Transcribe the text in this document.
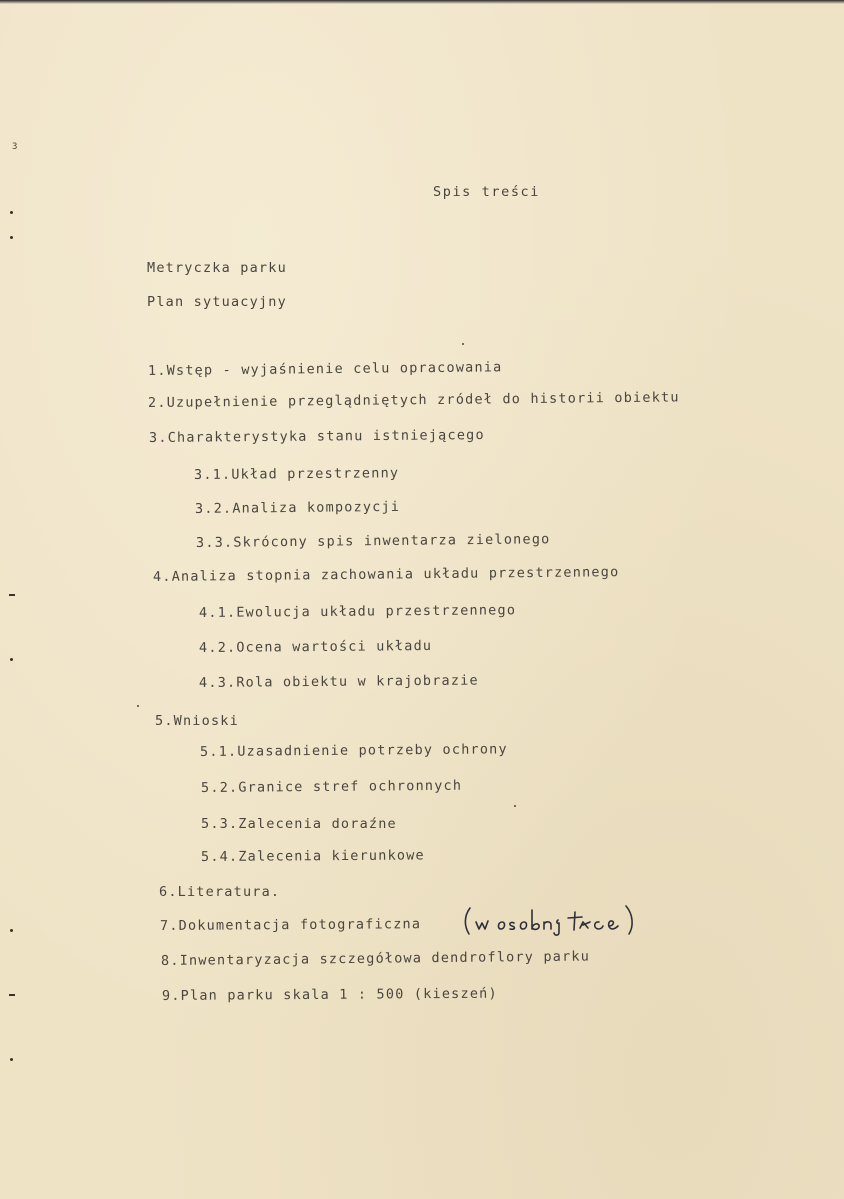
3
Spis treści
Metryczka parku
Plan sytuacyjny
1.Wstęp - wyjaśnienie celu opracowania
2.Uzupełnienie przeglądniętych zródeł do historii obiektu
3.Charakterystyka stanu istniejącego
3.1.Układ przestrzenny
3.2.Analiza kompozycji
3.3.Skrócony spis inwentarza zielonego
4.Analiza stopnia zachowania układu przestrzennego
4.1.Ewolucja układu przestrzennego
4.2.Ocena wartości układu
4.3.Rola obiektu w krajobrazie
5.Wnioski
5.1.Uzasadnienie potrzeby ochrony
5.2.Granice stref ochronnych
5.3.Zalecenia doraźne
5.4.Zalecenia kierunkowe
6.Literatura.
7.Dokumentacja fotograficzna
8.Inwentaryzacja szczegółowa dendroflory parku
9.Plan parku skala 1 : 500 (kieszeń)
